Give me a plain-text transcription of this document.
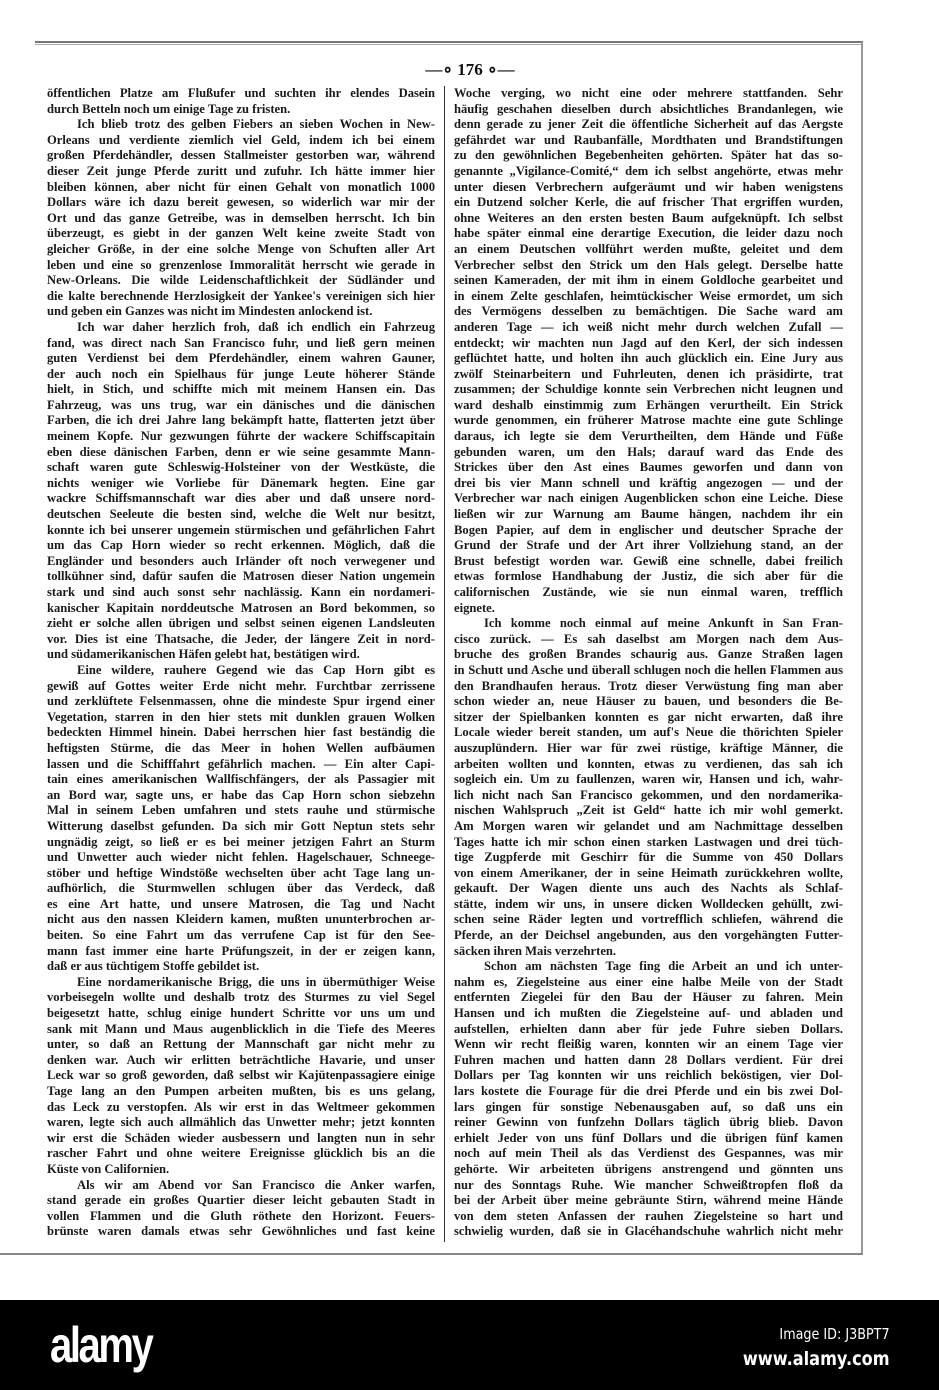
—∘ 176 ∘—
öffentlichen Platze am Flußufer und suchten ihr elendes Dasein
durch Betteln noch um einige Tage zu fristen.
Ich blieb trotz des gelben Fiebers an sieben Wochen in New-
Orleans und verdiente ziemlich viel Geld, indem ich bei einem
großen Pferdehändler, dessen Stallmeister gestorben war, während
dieser Zeit junge Pferde zuritt und zufuhr. Ich hätte immer hier
bleiben können, aber nicht für einen Gehalt von monatlich 1000
Dollars wäre ich dazu bereit gewesen, so widerlich war mir der
Ort und das ganze Getreibe, was in demselben herrscht. Ich bin
überzeugt, es giebt in der ganzen Welt keine zweite Stadt von
gleicher Größe, in der eine solche Menge von Schuften aller Art
leben und eine so grenzenlose Immoralität herrscht wie gerade in
New-Orleans. Die wilde Leidenschaftlichkeit der Südländer und
die kalte berechnende Herzlosigkeit der Yankee's vereinigen sich hier
und geben ein Ganzes was nicht im Mindesten anlockend ist.
Ich war daher herzlich froh, daß ich endlich ein Fahrzeug
fand, was direct nach San Francisco fuhr, und ließ gern meinen
guten Verdienst bei dem Pferdehändler, einem wahren Gauner,
der auch noch ein Spielhaus für junge Leute höherer Stände
hielt, in Stich, und schiffte mich mit meinem Hansen ein. Das
Fahrzeug, was uns trug, war ein dänisches und die dänischen
Farben, die ich drei Jahre lang bekämpft hatte, flatterten jetzt über
meinem Kopfe. Nur gezwungen führte der wackere Schiffscapitain
eben diese dänischen Farben, denn er wie seine gesammte Mann-
schaft waren gute Schleswig-Holsteiner von der Westküste, die
nichts weniger wie Vorliebe für Dänemark hegten. Eine gar
wackre Schiffsmannschaft war dies aber und daß unsere nord-
deutschen Seeleute die besten sind, welche die Welt nur besitzt,
konnte ich bei unserer ungemein stürmischen und gefährlichen Fahrt
um das Cap Horn wieder so recht erkennen. Möglich, daß die
Engländer und besonders auch Irländer oft noch verwegener und
tollkühner sind, dafür saufen die Matrosen dieser Nation ungemein
stark und sind auch sonst sehr nachlässig. Kann ein nordameri-
kanischer Kapitain norddeutsche Matrosen an Bord bekommen, so
zieht er solche allen übrigen und selbst seinen eigenen Landsleuten
vor. Dies ist eine Thatsache, die Jeder, der längere Zeit in nord-
und südamerikanischen Häfen gelebt hat, bestätigen wird.
Eine wildere, rauhere Gegend wie das Cap Horn gibt es
gewiß auf Gottes weiter Erde nicht mehr. Furchtbar zerrissene
und zerklüftete Felsenmassen, ohne die mindeste Spur irgend einer
Vegetation, starren in den hier stets mit dunklen grauen Wolken
bedeckten Himmel hinein. Dabei herrschen hier fast beständig die
heftigsten Stürme, die das Meer in hohen Wellen aufbäumen
lassen und die Schifffahrt gefährlich machen. — Ein alter Capi-
tain eines amerikanischen Wallfischfängers, der als Passagier mit
an Bord war, sagte uns, er habe das Cap Horn schon siebzehn
Mal in seinem Leben umfahren und stets rauhe und stürmische
Witterung daselbst gefunden. Da sich mir Gott Neptun stets sehr
ungnädig zeigt, so ließ er es bei meiner jetzigen Fahrt an Sturm
und Unwetter auch wieder nicht fehlen. Hagelschauer, Schneege-
stöber und heftige Windstöße wechselten über acht Tage lang un-
aufhörlich, die Sturmwellen schlugen über das Verdeck, daß
es eine Art hatte, und unsere Matrosen, die Tag und Nacht
nicht aus den nassen Kleidern kamen, mußten ununterbrochen ar-
beiten. So eine Fahrt um das verrufene Cap ist für den See-
mann fast immer eine harte Prüfungszeit, in der er zeigen kann,
daß er aus tüchtigem Stoffe gebildet ist.
Eine nordamerikanische Brigg, die uns in übermüthiger Weise
vorbeisegeln wollte und deshalb trotz des Sturmes zu viel Segel
beigesetzt hatte, schlug einige hundert Schritte vor uns um und
sank mit Mann und Maus augenblicklich in die Tiefe des Meeres
unter, so daß an Rettung der Mannschaft gar nicht mehr zu
denken war. Auch wir erlitten beträchtliche Havarie, und unser
Leck war so groß geworden, daß selbst wir Kajütenpassagiere einige
Tage lang an den Pumpen arbeiten mußten, bis es uns gelang,
das Leck zu verstopfen. Als wir erst in das Weltmeer gekommen
waren, legte sich auch allmählich das Unwetter mehr; jetzt konnten
wir erst die Schäden wieder ausbessern und langten nun in sehr
rascher Fahrt und ohne weitere Ereignisse glücklich bis an die
Küste von Californien.
Als wir am Abend vor San Francisco die Anker warfen,
stand gerade ein großes Quartier dieser leicht gebauten Stadt in
vollen Flammen und die Gluth röthete den Horizont. Feuers-
brünste waren damals etwas sehr Gewöhnliches und fast keine
Woche verging, wo nicht eine oder mehrere stattfanden. Sehr
häufig geschahen dieselben durch absichtliches Brandanlegen, wie
denn gerade zu jener Zeit die öffentliche Sicherheit auf das Aergste
gefährdet war und Raubanfälle, Mordthaten und Brandstiftungen
zu den gewöhnlichen Begebenheiten gehörten. Später hat das so-
genannte „Vigilance-Comité,“ dem ich selbst angehörte, etwas mehr
unter diesen Verbrechern aufgeräumt und wir haben wenigstens
ein Dutzend solcher Kerle, die auf frischer That ergriffen wurden,
ohne Weiteres an den ersten besten Baum aufgeknüpft. Ich selbst
habe später einmal eine derartige Execution, die leider dazu noch
an einem Deutschen vollführt werden mußte, geleitet und dem
Verbrecher selbst den Strick um den Hals gelegt. Derselbe hatte
seinen Kameraden, der mit ihm in einem Goldloche gearbeitet und
in einem Zelte geschlafen, heimtückischer Weise ermordet, um sich
des Vermögens desselben zu bemächtigen. Die Sache ward am
anderen Tage — ich weiß nicht mehr durch welchen Zufall —
entdeckt; wir machten nun Jagd auf den Kerl, der sich indessen
geflüchtet hatte, und holten ihn auch glücklich ein. Eine Jury aus
zwölf Steinarbeitern und Fuhrleuten, denen ich präsidirte, trat
zusammen; der Schuldige konnte sein Verbrechen nicht leugnen und
ward deshalb einstimmig zum Erhängen verurtheilt. Ein Strick
wurde genommen, ein früherer Matrose machte eine gute Schlinge
daraus, ich legte sie dem Verurtheilten, dem Hände und Füße
gebunden waren, um den Hals; darauf ward das Ende des
Strickes über den Ast eines Baumes geworfen und dann von
drei bis vier Mann schnell und kräftig angezogen — und der
Verbrecher war nach einigen Augenblicken schon eine Leiche. Diese
ließen wir zur Warnung am Baume hängen, nachdem ihr ein
Bogen Papier, auf dem in englischer und deutscher Sprache der
Grund der Strafe und der Art ihrer Vollziehung stand, an der
Brust befestigt worden war. Gewiß eine schnelle, dabei freilich
etwas formlose Handhabung der Justiz, die sich aber für die
californischen Zustände, wie sie nun einmal waren, trefflich
eignete.
Ich komme noch einmal auf meine Ankunft in San Fran-
cisco zurück. — Es sah daselbst am Morgen nach dem Aus-
bruche des großen Brandes schaurig aus. Ganze Straßen lagen
in Schutt und Asche und überall schlugen noch die hellen Flammen aus
den Brandhaufen heraus. Trotz dieser Verwüstung fing man aber
schon wieder an, neue Häuser zu bauen, und besonders die Be-
sitzer der Spielbanken konnten es gar nicht erwarten, daß ihre
Locale wieder bereit standen, um auf's Neue die thörichten Spieler
auszuplündern. Hier war für zwei rüstige, kräftige Männer, die
arbeiten wollten und konnten, etwas zu verdienen, das sah ich
sogleich ein. Um zu faullenzen, waren wir, Hansen und ich, wahr-
lich nicht nach San Francisco gekommen, und den nordamerika-
nischen Wahlspruch „Zeit ist Geld“ hatte ich mir wohl gemerkt.
Am Morgen waren wir gelandet und am Nachmittage desselben
Tages hatte ich mir schon einen starken Lastwagen und drei tüch-
tige Zugpferde mit Geschirr für die Summe von 450 Dollars
von einem Amerikaner, der in seine Heimath zurückkehren wollte,
gekauft. Der Wagen diente uns auch des Nachts als Schlaf-
stätte, indem wir uns, in unsere dicken Wolldecken gehüllt, zwi-
schen seine Räder legten und vortrefflich schliefen, während die
Pferde, an der Deichsel angebunden, aus den vorgehängten Futter-
säcken ihren Mais verzehrten.
Schon am nächsten Tage fing die Arbeit an und ich unter-
nahm es, Ziegelsteine aus einer eine halbe Meile von der Stadt
entfernten Ziegelei für den Bau der Häuser zu fahren. Mein
Hansen und ich mußten die Ziegelsteine auf- und abladen und
aufstellen, erhielten dann aber für jede Fuhre sieben Dollars.
Wenn wir recht fleißig waren, konnten wir an einem Tage vier
Fuhren machen und hatten dann 28 Dollars verdient. Für drei
Dollars per Tag konnten wir uns reichlich beköstigen, vier Dol-
lars kostete die Fourage für die drei Pferde und ein bis zwei Dol-
lars gingen für sonstige Nebenausgaben auf, so daß uns ein
reiner Gewinn von funfzehn Dollars täglich übrig blieb. Davon
erhielt Jeder von uns fünf Dollars und die übrigen fünf kamen
noch auf mein Theil als das Verdienst des Gespannes, was mir
gehörte. Wir arbeiteten übrigens anstrengend und gönnten uns
nur des Sonntags Ruhe. Wie mancher Schweißtropfen floß da
bei der Arbeit über meine gebräunte Stirn, während meine Hände
von dem steten Anfassen der rauhen Ziegelsteine so hart und
schwielig wurden, daß sie in Glacéhandschuhe wahrlich nicht mehr
alamy	Image ID: J3BPT7
www.alamy.com
